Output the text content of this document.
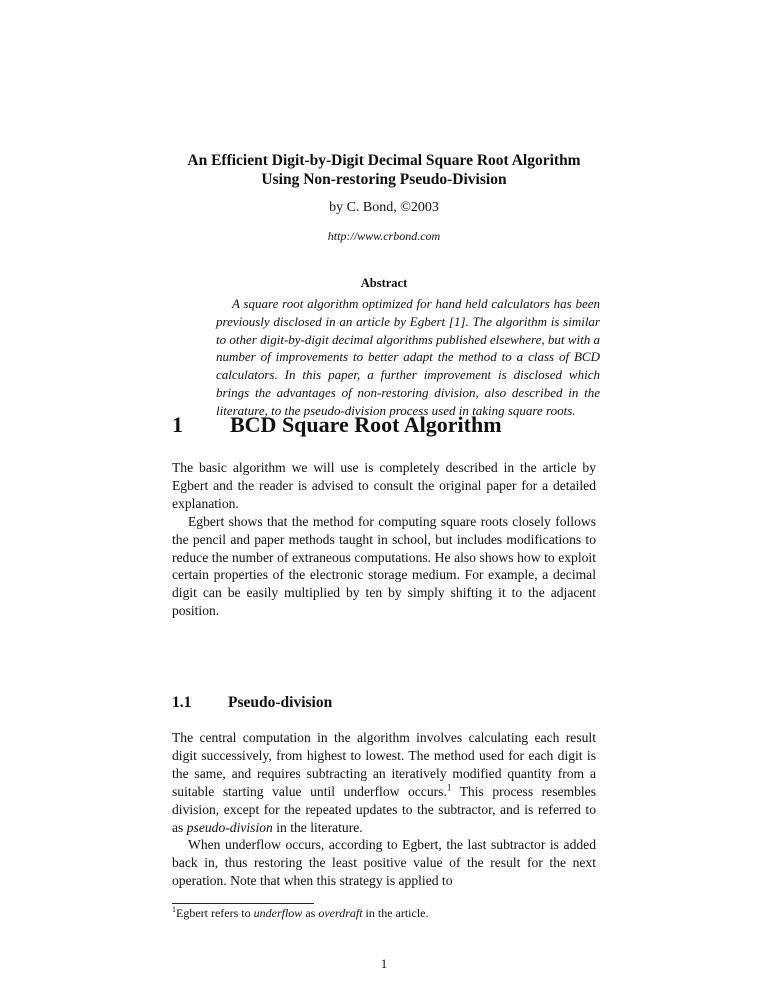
An Efficient Digit-by-Digit Decimal Square Root Algorithm
Using Non-restoring Pseudo-Division
by C. Bond, ©2003
http://www.crbond.com
Abstract
A square root algorithm optimized for hand held calculators has been previously disclosed in an article by Egbert [1]. The algorithm is similar to other digit-by-digit decimal algorithms published elsewhere, but with a number of improvements to better adapt the method to a class of BCD calculators. In this paper, a further improvement is disclosed which brings the advantages of non-restoring division, also described in the literature, to the pseudo-division process used in taking square roots.
1 BCD Square Root Algorithm

The basic algorithm we will use is completely described in the article by Egbert and the reader is advised to consult the original paper for a detailed explanation.

Egbert shows that the method for computing square roots closely follows the pencil and paper methods taught in school, but includes modifications to reduce the number of extraneous computations. He also shows how to exploit certain properties of the electronic storage medium. For example, a decimal digit can be easily multiplied by ten by simply shifting it to the adjacent position.

1.1 Pseudo-division

The central computation in the algorithm involves calculating each result digit successively, from highest to lowest. The method used for each digit is the same, and requires subtracting an iteratively modified quantity from a suitable starting value until underflow occurs.$^1$ This process resembles division, except for the repeated updates to the subtractor, and is referred to as pseudo-division in the literature.

When underflow occurs, according to Egbert, the last subtractor is added back in, thus restoring the least positive value of the result for the next operation. Note that when this strategy is applied to

$^1$Egbert refers to underflow as overdraft in the article.
1
